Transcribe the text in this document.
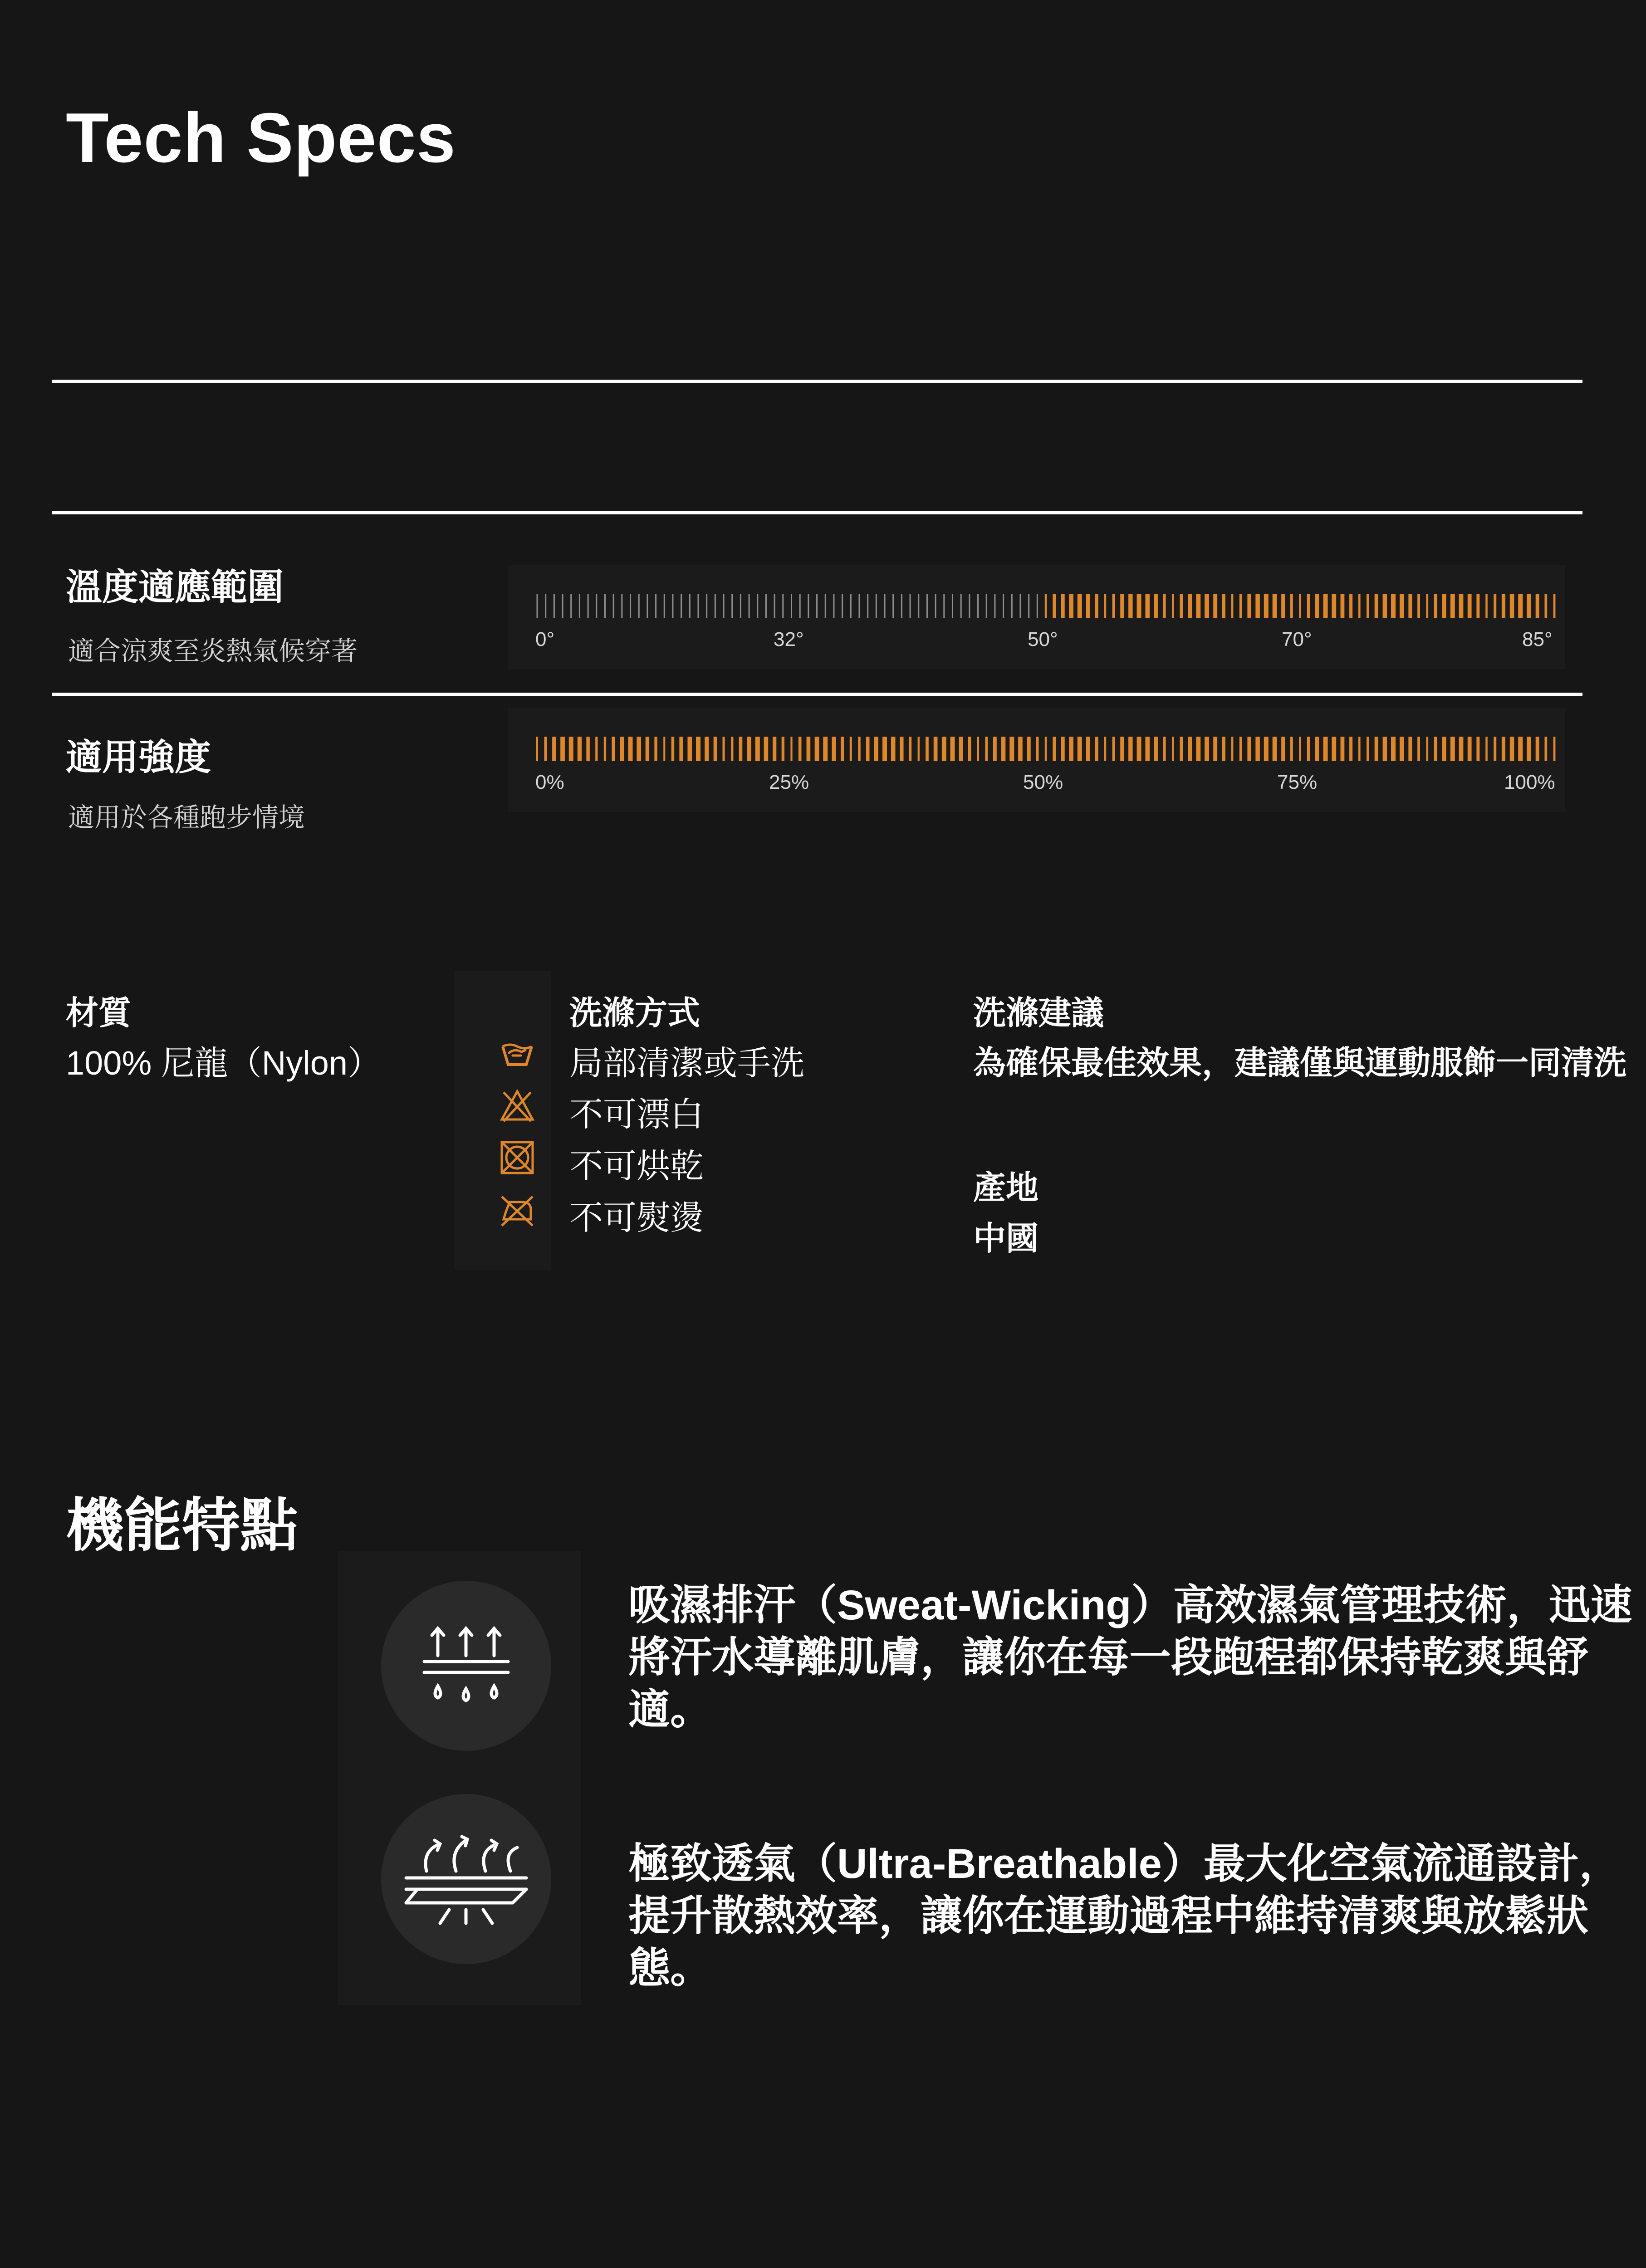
Tech Specs
溫度適應範圍
適合涼爽至炎熱氣候穿著	0°	32°	50°	70°	85°
適用強度
適用於各種跑步情境
0%	25%	50%	75%	100%
材質
100% 尼龍（Nylon）
洗滌方式
局部清潔或手洗
不可漂白
不可烘乾
不可熨燙
洗滌建議
為確保最佳效果，建議僅與運動服飾一同清洗
產地
中國
機能特點
吸濕排汗（Sweat-Wicking）高效濕氣管理技術，迅速將汗水導離肌膚，讓你在每一段跑程都保持乾爽與舒適。
極致透氣（Ultra-Breathable）最大化空氣流通設計，提升散熱效率，讓你在運動過程中維持清爽與放鬆狀態。
